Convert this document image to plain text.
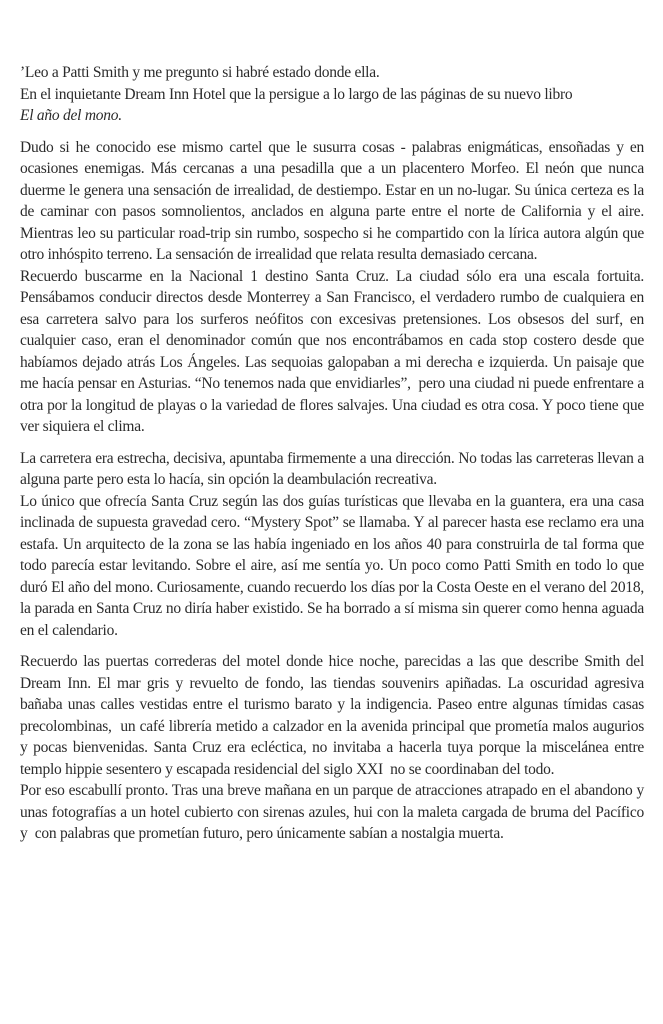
’Leo a Patti Smith y me pregunto si habré estado donde ella.
En el inquietante Dream Inn Hotel que la persigue a lo largo de las páginas de su nuevo libro
El año del mono.

Dudo si he conocido ese mismo cartel que le susurra cosas - palabras enigmáticas, ensoñadas y en ocasiones enemigas. Más cercanas a una pesadilla que a un placentero Morfeo. El neón que nunca duerme le genera una sensación de irrealidad, de destiempo. Estar en un no-lugar. Su única certeza es la de caminar con pasos somnolientos, anclados en alguna parte entre el norte de California y el aire. Mientras leo su particular road-trip sin rumbo, sospecho si he compartido con la lírica autora algún que otro inhóspito terreno. La sensación de irrealidad que relata resulta demasiado cercana.

Recuerdo buscarme en la Nacional 1 destino Santa Cruz. La ciudad sólo era una escala fortuita. Pensábamos conducir directos desde Monterrey a San Francisco, el verdadero rumbo de cualquiera en esa carretera salvo para los surferos neófitos con excesivas pretensiones. Los obsesos del surf, en cualquier caso, eran el denominador común que nos encontrábamos en cada stop costero desde que habíamos dejado atrás Los Ángeles. Las sequoias galopaban a mi derecha e izquierda. Un paisaje que me hacía pensar en Asturias. “No tenemos nada que envidiarles”,  pero una ciudad ni puede enfrentare a otra por la longitud de playas o la variedad de flores salvajes. Una ciudad es otra cosa. Y poco tiene que ver siquiera el clima.

La carretera era estrecha, decisiva, apuntaba firmemente a una dirección. No todas las carreteras llevan a alguna parte pero esta lo hacía, sin opción la deambulación recreativa.

Lo único que ofrecía Santa Cruz según las dos guías turísticas que llevaba en la guantera, era una casa inclinada de supuesta gravedad cero. “Mystery Spot” se llamaba. Y al parecer hasta ese reclamo era una estafa. Un arquitecto de la zona se las había ingeniado en los años 40 para construirla de tal forma que todo parecía estar levitando. Sobre el aire, así me sentía yo. Un poco como Patti Smith en todo lo que duró El año del mono. Curiosamente, cuando recuerdo los días por la Costa Oeste en el verano del 2018, la parada en Santa Cruz no diría haber existido. Se ha borrado a sí misma sin querer como henna aguada en el calendario.

Recuerdo las puertas correderas del motel donde hice noche, parecidas a las que describe Smith del Dream Inn. El mar gris y revuelto de fondo, las tiendas souvenirs apiñadas. La oscuridad agresiva bañaba unas calles vestidas entre el turismo barato y la indigencia. Paseo entre algunas tímidas casas precolombinas,  un café librería metido a calzador en la avenida principal que prometía malos augurios y pocas bienvenidas. Santa Cruz era ecléctica, no invitaba a hacerla tuya porque la miscelánea entre templo hippie sesentero y escapada residencial del siglo XXI  no se coordinaban del todo.

Por eso escabullí pronto. Tras una breve mañana en un parque de atracciones atrapado en el abandono y unas fotografías a un hotel cubierto con sirenas azules, hui con la maleta cargada de bruma del Pacífico y  con palabras que prometían futuro, pero únicamente sabían a nostalgia muerta.
